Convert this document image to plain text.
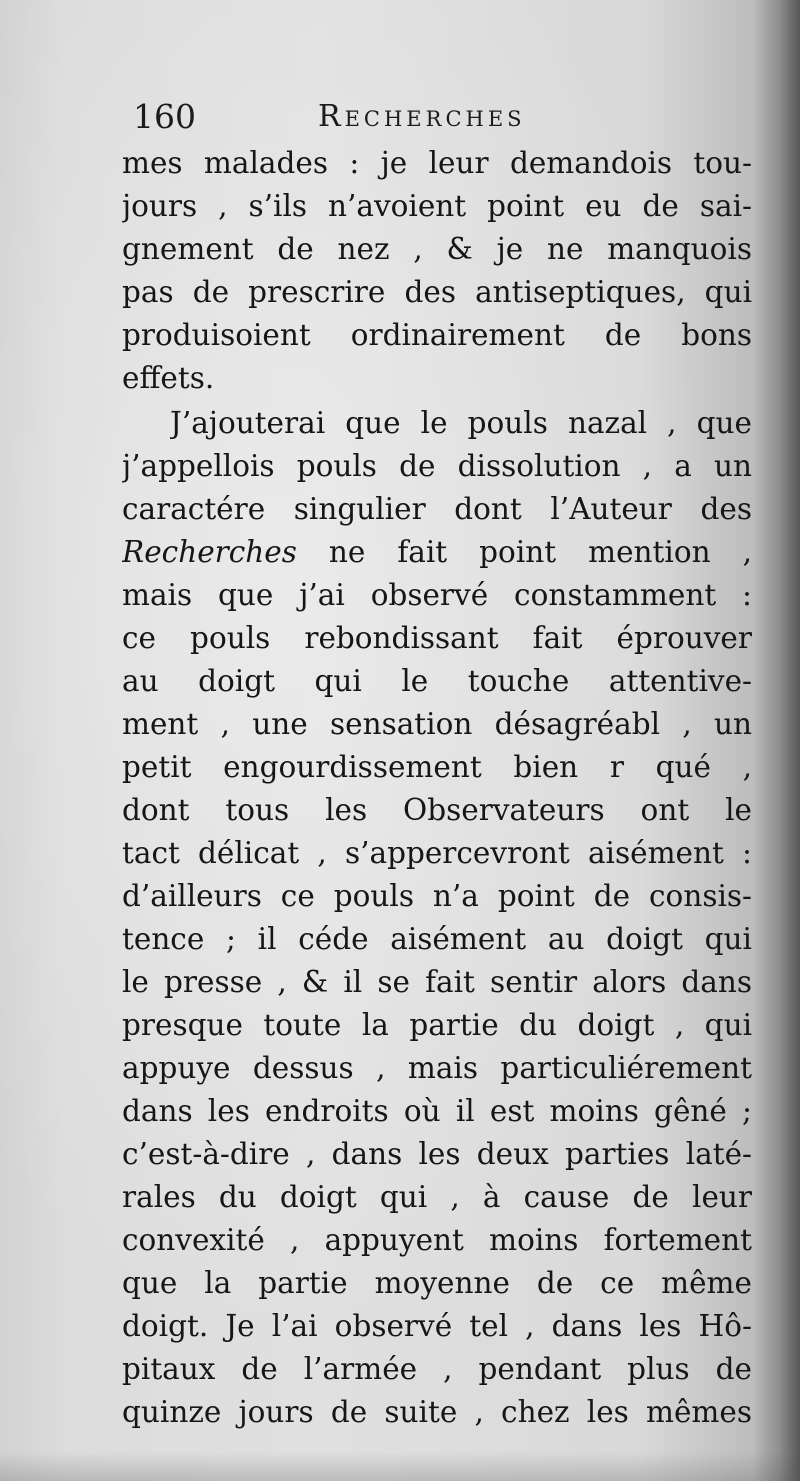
160	Recherches
mes malades : je leur demandois tou-
jours , s’ils n’avoient point eu de sai-
gnement de nez , & je ne manquois
pas de prescrire des antiseptiques, qui
produisoient ordinairement de bons
effets.
J’ajouterai que le pouls nazal , que
j’appellois pouls de dissolution , a un
caractére singulier dont l’Auteur des
Recherches ne fait point mention ,
mais que j’ai observé constamment :
ce pouls rebondissant fait éprouver
au doigt qui le touche attentive-
ment , une sensation désagréabl , un
petit engourdissement bien r qué ,
dont tous les Observateurs ont le
tact délicat , s’appercevront aisément :
d’ailleurs ce pouls n’a point de consis-
tence ; il céde aisément au doigt qui
le presse , & il se fait sentir alors dans
presque toute la partie du doigt , qui
appuye dessus , mais particuliérement
dans les endroits où il est moins gêné ;
c’est-à-dire , dans les deux parties laté-
rales du doigt qui , à cause de leur
convexité , appuyent moins fortement
que la partie moyenne de ce même
doigt. Je l’ai observé tel , dans les Hô-
pitaux de l’armée , pendant plus de
quinze jours de suite , chez les mêmes
